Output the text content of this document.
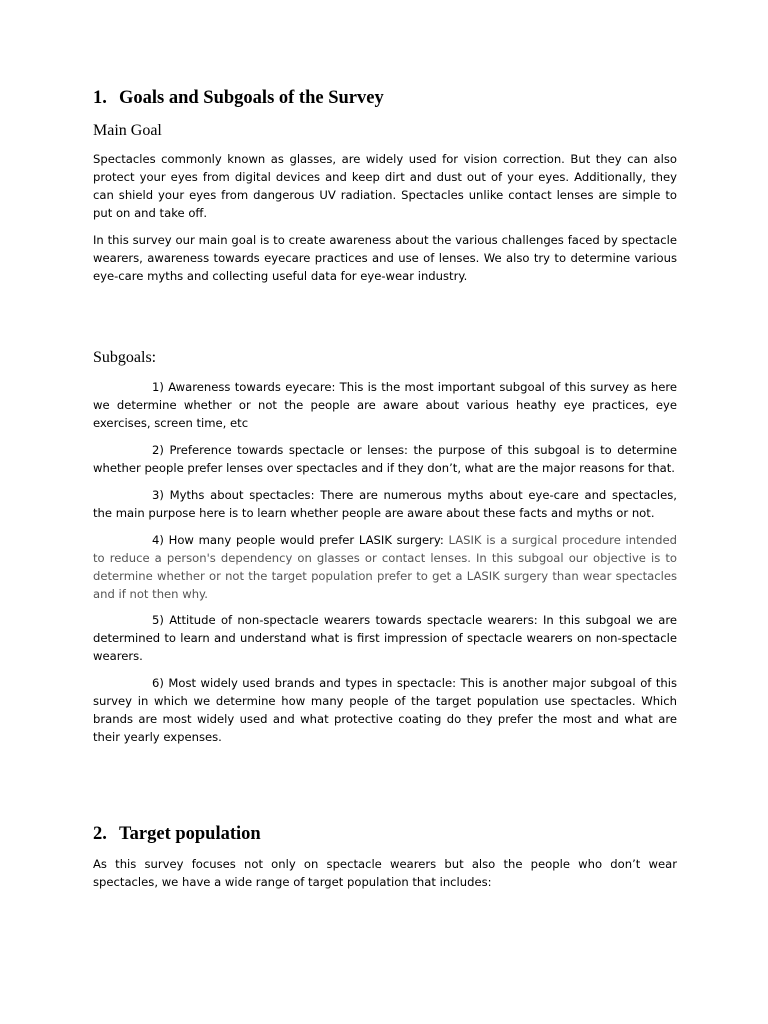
1. Goals and Subgoals of the Survey
Main Goal

Spectacles commonly known as glasses, are widely used for vision correction. But they can also protect your eyes from digital devices and keep dirt and dust out of your eyes. Additionally, they can shield your eyes from dangerous UV radiation. Spectacles unlike contact lenses are simple to put on and take off.

In this survey our main goal is to create awareness about the various challenges faced by spectacle wearers, awareness towards eyecare practices and use of lenses. We also try to determine various eye-care myths and collecting useful data for eye-wear industry.

Subgoals:

1) Awareness towards eyecare: This is the most important subgoal of this survey as here we determine whether or not the people are aware about various heathy eye practices, eye exercises, screen time, etc

2) Preference towards spectacle or lenses: the purpose of this subgoal is to determine whether people prefer lenses over spectacles and if they don’t, what are the major reasons for that.

3) Myths about spectacles: There are numerous myths about eye-care and spectacles, the main purpose here is to learn whether people are aware about these facts and myths or not.

4) How many people would prefer LASIK surgery: LASIK is a surgical procedure intended to reduce a person's dependency on glasses or contact lenses. In this subgoal our objective is to determine whether or not the target population prefer to get a LASIK surgery than wear spectacles and if not then why.

5) Attitude of non-spectacle wearers towards spectacle wearers: In this subgoal we are determined to learn and understand what is first impression of spectacle wearers on non-spectacle wearers.

6) Most widely used brands and types in spectacle: This is another major subgoal of this survey in which we determine how many people of the target population use spectacles. Which brands are most widely used and what protective coating do they prefer the most and what are their yearly expenses.

2. Target population

As this survey focuses not only on spectacle wearers but also the people who don’t wear spectacles, we have a wide range of target population that includes:
